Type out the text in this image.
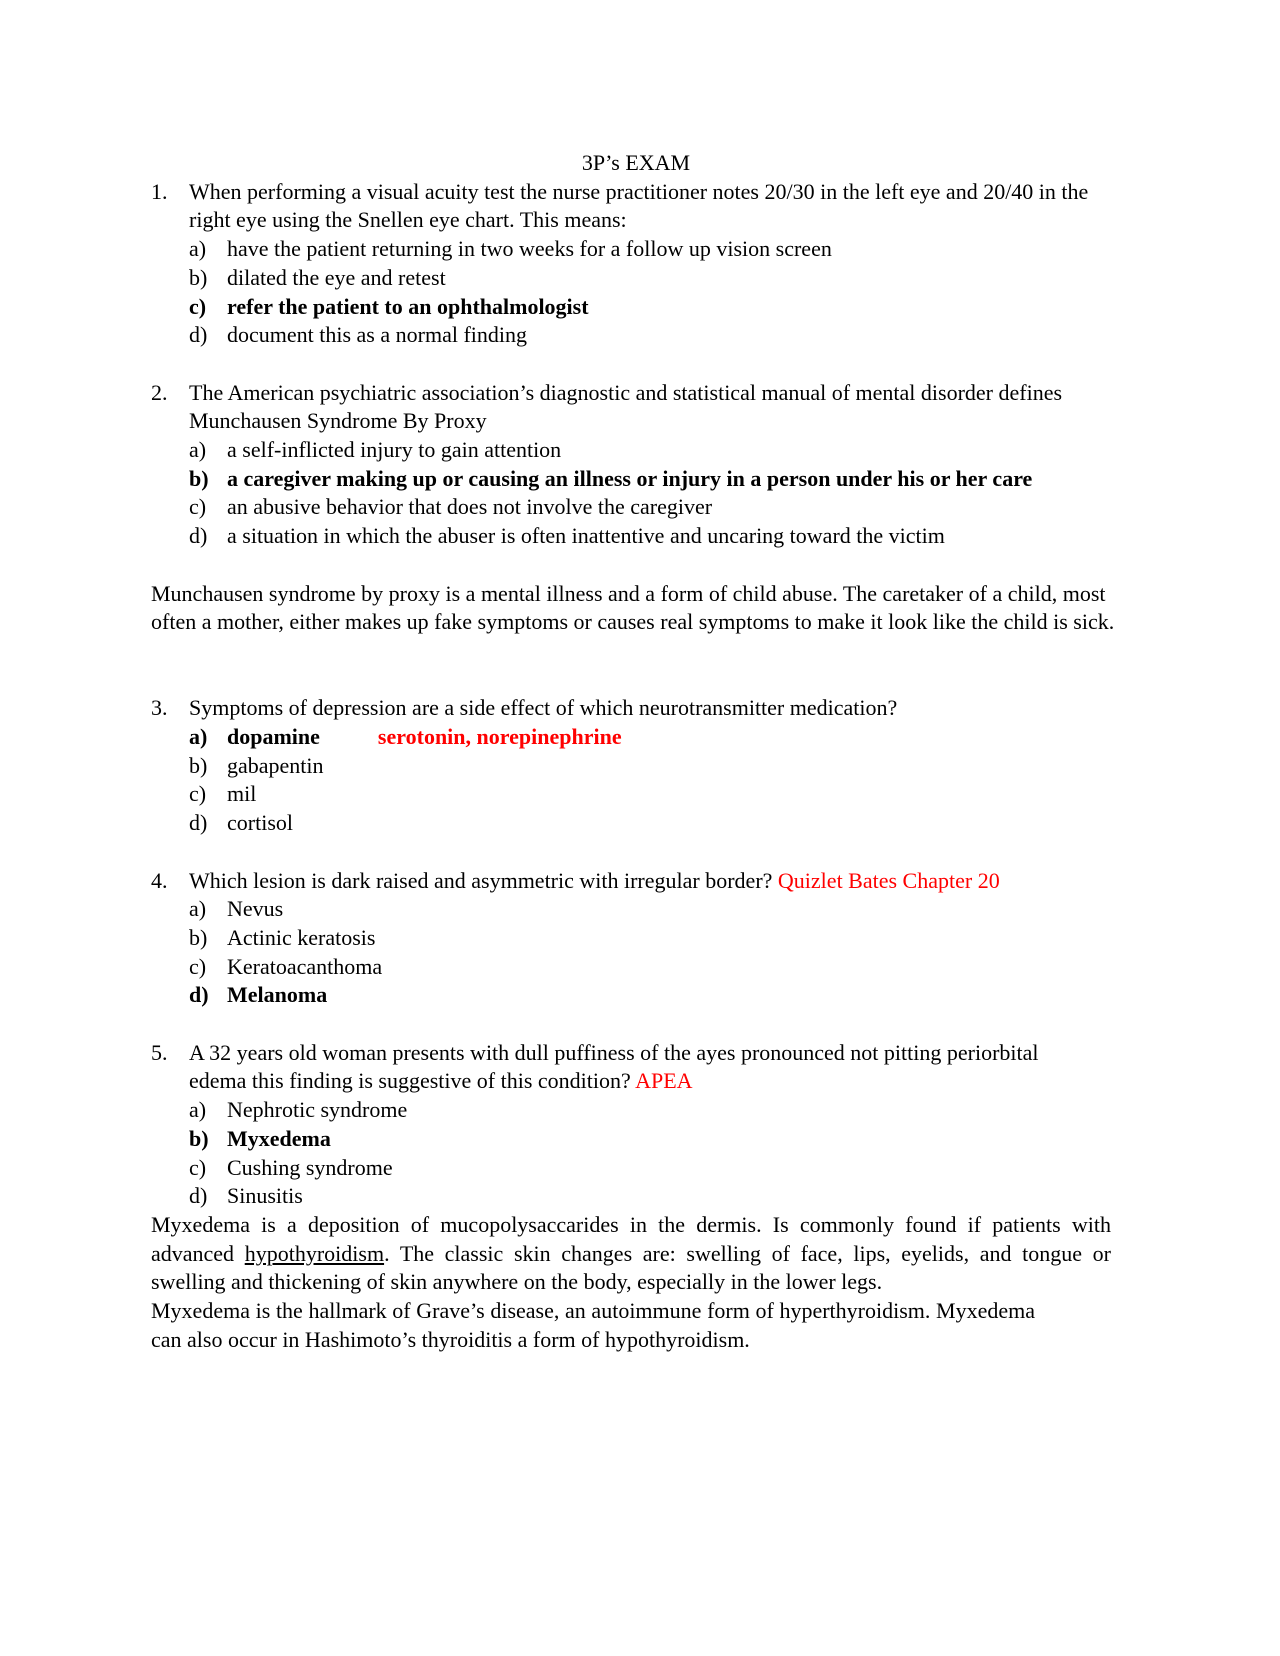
3P’s EXAM
1. When performing a visual acuity test the nurse practitioner notes 20/30 in the left eye and 20/40 in the right eye using the Snellen eye chart. This means:
a) have the patient returning in two weeks for a follow up vision screen
b) dilated the eye and retest
c) refer the patient to an ophthalmologist
d) document this as a normal finding
2. The American psychiatric association’s diagnostic and statistical manual of mental disorder defines Munchausen Syndrome By Proxy
a) a self-inflicted injury to gain attention
b) a caregiver making up or causing an illness or injury in a person under his or her care
c) an abusive behavior that does not involve the caregiver
d) a situation in which the abuser is often inattentive and uncaring toward the victim
Munchausen syndrome by proxy is a mental illness and a form of child abuse. The caretaker of a child, most often a mother, either makes up fake symptoms or causes real symptoms to make it look like the child is sick.
3. Symptoms of depression are a side effect of which neurotransmitter medication?
a) dopamine	serotonin, norepinephrine
b) gabapentin
c) mil
d) cortisol
4. Which lesion is dark raised and asymmetric with irregular border? Quizlet Bates Chapter 20
a) Nevus
b) Actinic keratosis
c) Keratoacanthoma
d) Melanoma
5. A 32 years old woman presents with dull puffiness of the ayes pronounced not pitting periorbital edema this finding is suggestive of this condition? APEA
a) Nephrotic syndrome
b) Myxedema
c) Cushing syndrome
d) Sinusitis
Myxedema is a deposition of mucopolysaccarides in the dermis. Is commonly found if patients with advanced hypothyroidism. The classic skin changes are: swelling of face, lips, eyelids, and tongue or swelling and thickening of skin anywhere on the body, especially in the lower legs.
Myxedema is the hallmark of Grave’s disease, an autoimmune form of hyperthyroidism. Myxedema can also occur in Hashimoto’s thyroiditis a form of hypothyroidism.
